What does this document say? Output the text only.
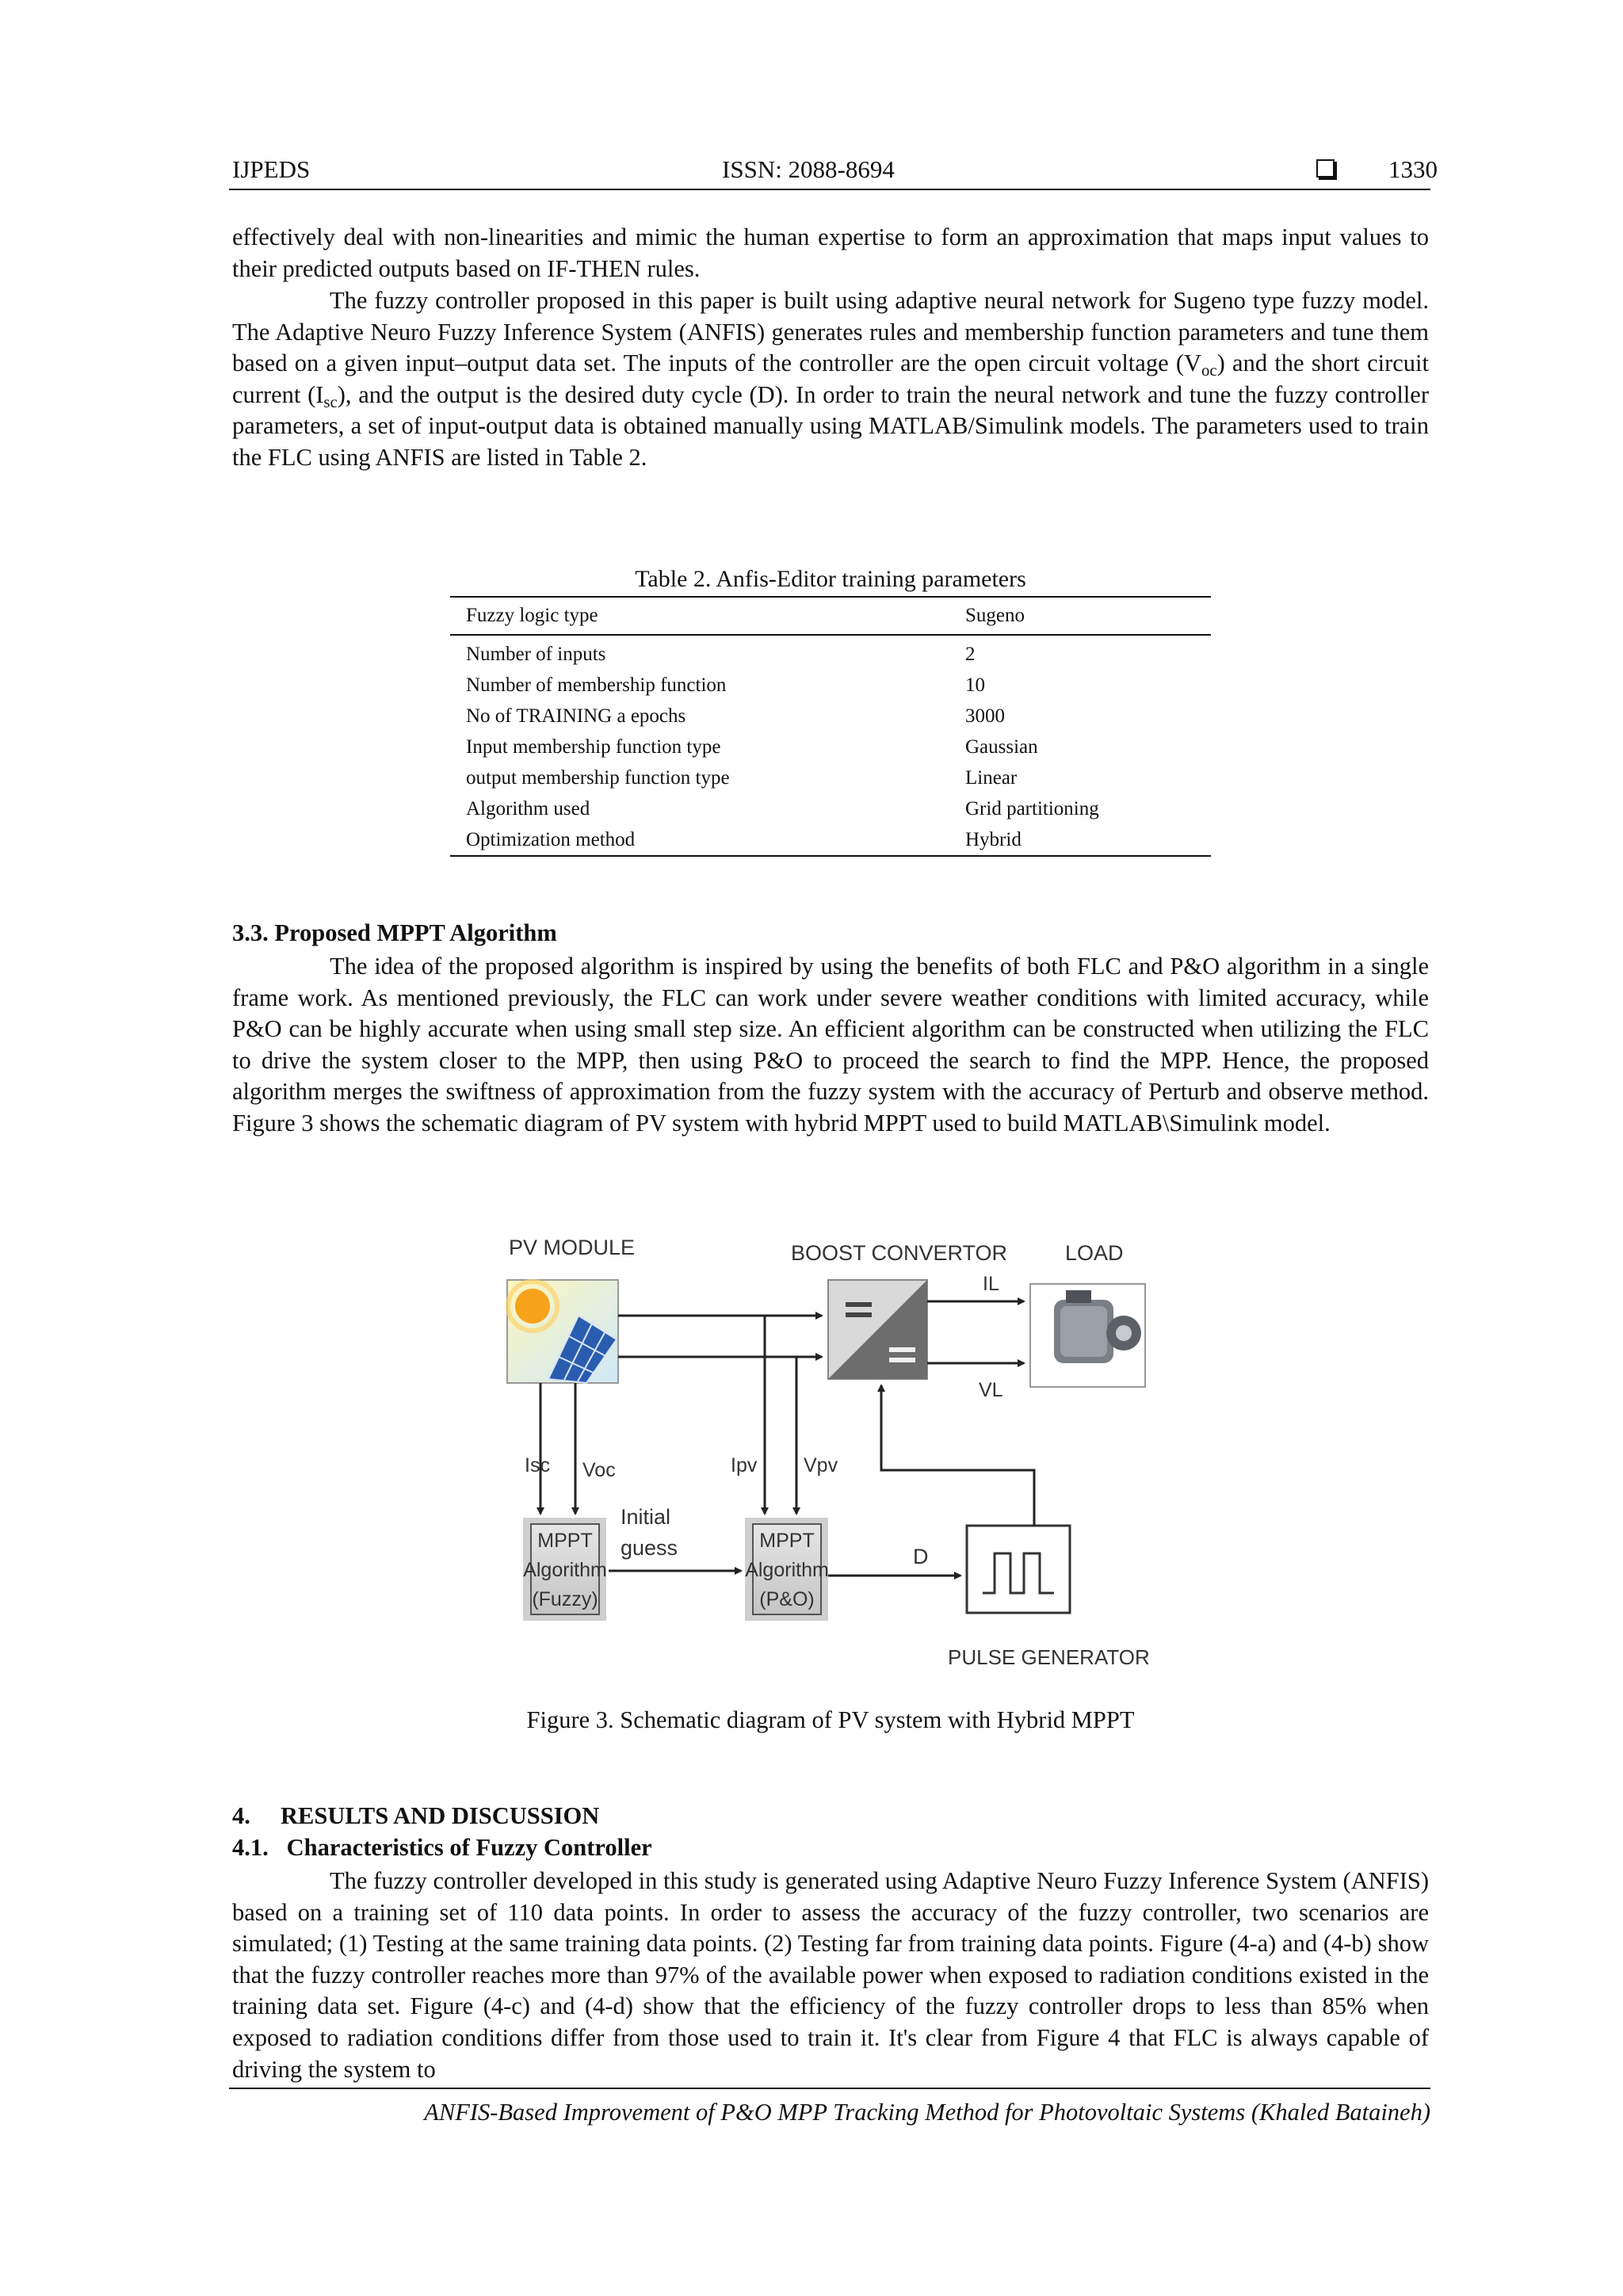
IJPEDS	ISSN: 2088-8694	1330

effectively deal with non-linearities and mimic the human expertise to form an approximation that maps input values to their predicted outputs based on IF-THEN rules.

The fuzzy controller proposed in this paper is built using adaptive neural network for Sugeno type fuzzy model. The Adaptive Neuro Fuzzy Inference System (ANFIS) generates rules and membership function parameters and tune them based on a given input–output data set. The inputs of the controller are the open circuit voltage $(V_{oc})$ and the short circuit current $(I_{sc})$, and the output is the desired duty cycle (D). In order to train the neural network and tune the fuzzy controller parameters, a set of input-output data is obtained manually using MATLAB/Simulink models. The parameters used to train the FLC using ANFIS are listed in Table 2.

Table 2. Anfis-Editor training parameters
Fuzzy logic type	Sugeno
Number of inputs	2
Number of membership function	10
No of TRAINING a epochs	3000
Input membership function type	Gaussian
output membership function type	Linear
Algorithm used	Grid partitioning
Optimization method	Hybrid
3.3. Proposed MPPT Algorithm

The idea of the proposed algorithm is inspired by using the benefits of both FLC and P&O algorithm in a single frame work. As mentioned previously, the FLC can work under severe weather conditions with limited accuracy, while P&O can be highly accurate when using small step size. An efficient algorithm can be constructed when utilizing the FLC to drive the system closer to the MPP, then using P&O to proceed the search to find the MPP. Hence, the proposed algorithm merges the swiftness of approximation from the fuzzy system with the accuracy of Perturb and observe method. Figure 3 shows the schematic diagram of PV system with hybrid MPPT used to build MATLAB\Simulink model.

PV MODULE	BOOST CONVERTOR	LOAD
IL
VL
Isc Voc	Ipv Vpv
MPPT
Algorithm
(Fuzzy)
Initial
guess	MPPT
Algorithm
(P&O)
D
PULSE GENERATOR
Figure 3. Schematic diagram of PV system with Hybrid MPPT
4.     RESULTS AND DISCUSSION
4.1.   Characteristics of Fuzzy Controller

The fuzzy controller developed in this study is generated using Adaptive Neuro Fuzzy Inference System (ANFIS) based on a training set of 110 data points. In order to assess the accuracy of the fuzzy controller, two scenarios are simulated; (1) Testing at the same training data points. (2) Testing far from training data points. Figure (4-a) and (4-b) show that the fuzzy controller reaches more than 97% of the available power when exposed to radiation conditions existed in the training data set. Figure (4-c) and (4-d) show that the efficiency of the fuzzy controller drops to less than 85% when exposed to radiation conditions differ from those used to train it. It's clear from Figure 4 that FLC is always capable of driving the system to

ANFIS-Based Improvement of P&O MPP Tracking Method for Photovoltaic Systems (Khaled Bataineh)
